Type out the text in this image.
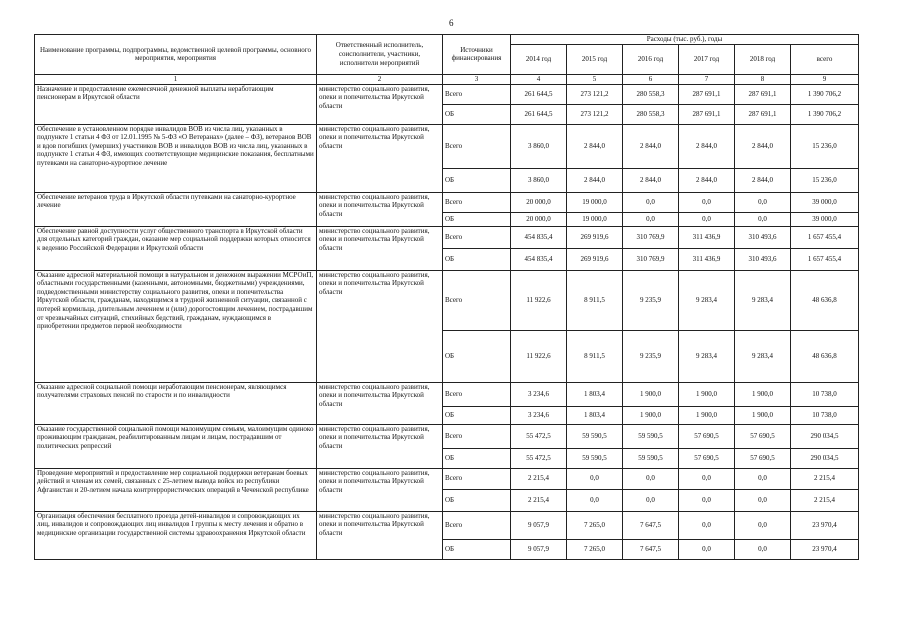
6
Наименование программы, подпрограммы, ведомственной целевой программы, основного мероприятия, мероприятия	Ответственный исполнитель, соисполнители, участники, исполнители мероприятий	Источники финансирования	Расходы (тыс. руб.), годы					
			2014 год	2015 год	2016 год	2017 год	2018 год	всего
1	2	3	4	5	6	7	8	9
Назначение и предоставление ежемесячной денежной выплаты неработающим пенсионерам в Иркутской области	министерство социального развития, опеки и попечительства Иркутской области	Всего	261 644,5	273 121,2	280 558,3	287 691,1	287 691,1	1 390 706,2
		ОБ	261 644,5	273 121,2	280 558,3	287 691,1	287 691,1	1 390 706,2
Обеспечение в установленном порядке инвалидов ВОВ из числа лиц, указанных в подпункте 1 статьи 4 ФЗ от 12.01.1995 № 5-ФЗ «О Ветеранах» (далее – ФЗ), ветеранов ВОВ и вдов погибших (умерших) участников ВОВ и инвалидов ВОВ из числа лиц, указанных в подпункте 1 статьи 4 ФЗ, имеющих соответствующие медицинские показания, бесплатными путевками на санаторно-курортное лечение	министерство социального развития, опеки и попечительства Иркутской области	Всего	3 860,0	2 844,0	2 844,0	2 844,0	2 844,0	15 236,0
		ОБ	3 860,0	2 844,0	2 844,0	2 844,0	2 844,0	15 236,0
Обеспечение ветеранов труда в Иркутской области путевками на санаторно-курортное лечение	министерство социального развития, опеки и попечительства Иркутской области	Всего	20 000,0	19 000,0	0,0	0,0	0,0	39 000,0
		ОБ	20 000,0	19 000,0	0,0	0,0	0,0	39 000,0
Обеспечение равной доступности услуг общественного транспорта в Иркутской области для отдельных категорий граждан, оказание мер социальной поддержки которых относится к ведению Российской Федерации и Иркутской области	министерство социального развития, опеки и попечительства Иркутской области	Всего	454 835,4	269 919,6	310 769,9	311 436,9	310 493,6	1 657 455,4
		ОБ	454 835,4	269 919,6	310 769,9	311 436,9	310 493,6	1 657 455,4
Оказание адресной материальной помощи в натуральном и денежном выражении МСРОиП, областными государственными (казенными, автономными, бюджетными) учреждениями, подведомственными министерству социального развития, опеки и попечительства Иркутской области, гражданам, находящимся в трудной жизненной ситуации, связанной с потерей кормильца, длительным лечением и (или) дорогостоящим лечением, пострадавшим от чрезвычайных ситуаций, стихийных бедствий, гражданам, нуждающимся в приобретении предметов первой необходимости	министерство социального развития, опеки и попечительства Иркутской области	Всего	11 922,6	8 911,5	9 235,9	9 283,4	9 283,4	48 636,8
		ОБ	11 922,6	8 911,5	9 235,9	9 283,4	9 283,4	48 636,8
Оказание адресной социальной помощи неработающим пенсионерам, являющимся получателями страховых пенсий по старости и по инвалидности	министерство социального развития, опеки и попечительства Иркутской области	Всего	3 234,6	1 803,4	1 900,0	1 900,0	1 900,0	10 738,0
		ОБ	3 234,6	1 803,4	1 900,0	1 900,0	1 900,0	10 738,0
Оказание государственной социальной помощи малоимущим семьям, малоимущим одиноко проживающим гражданам, реабилитированным лицам и лицам, пострадавшим от политических репрессий	министерство социального развития, опеки и попечительства Иркутской области	Всего	55 472,5	59 590,5	59 590,5	57 690,5	57 690,5	290 034,5
		ОБ	55 472,5	59 590,5	59 590,5	57 690,5	57 690,5	290 034,5
Проведение мероприятий и предоставление мер социальной поддержки ветеранам боевых действий и членам их семей, связанных с 25-летием вывода войск из республики Афганистан и 20-летием начала контртеррористических операций в Чеченской республике	министерство социального развития, опеки и попечительства Иркутской области	Всего	2 215,4	0,0	0,0	0,0	0,0	2 215,4
		ОБ	2 215,4	0,0	0,0	0,0	0,0	2 215,4
Организация обеспечения бесплатного проезда детей-инвалидов и сопровождающих их лиц, инвалидов и сопровождающих лиц инвалидов I группы к месту лечения и обратно в медицинские организации государственной системы здравоохранения Иркутской области	министерство социального развития, опеки и попечительства Иркутской области	Всего	9 057,9	7 265,0	7 647,5	0,0	0,0	23 970,4
		ОБ	9 057,9	7 265,0	7 647,5	0,0	0,0	23 970,4
